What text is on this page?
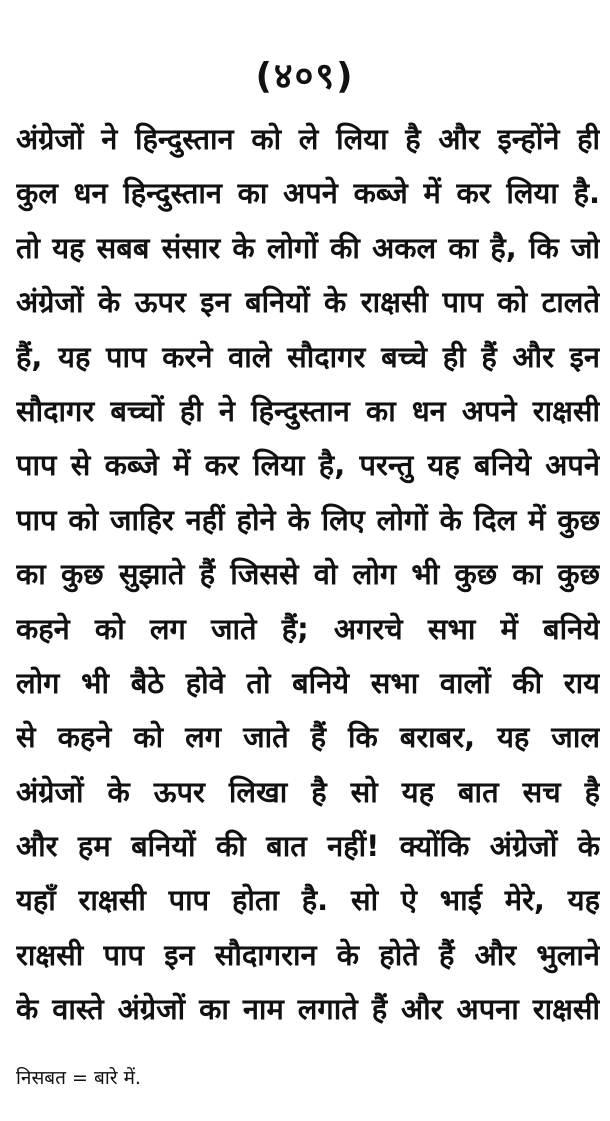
(४०९)
अंग्रेजों ने हिन्दुस्तान को ले लिया है और इन्होंने ही
कुल धन हिन्दुस्तान का अपने कब्जे में कर लिया है.
तो यह सबब संसार के लोगों की अकल का है, कि जो
अंग्रेजों के ऊपर इन बनियों के राक्षसी पाप को टालते
हैं, यह पाप करने वाले सौदागर बच्चे ही हैं और इन
सौदागर बच्चों ही ने हिन्दुस्तान का धन अपने राक्षसी
पाप से कब्जे में कर लिया है, परन्तु यह बनिये अपने
पाप को जाहिर नहीं होने के लिए लोगों के दिल में कुछ
का कुछ सुझाते हैं जिससे वो लोग भी कुछ का कुछ
कहने को लग जाते हैं; अगरचे सभा में बनिये
लोग भी बैठे होवे तो बनिये सभा वालों की राय
से कहने को लग जाते हैं कि बराबर, यह जाल
अंग्रेजों के ऊपर लिखा है सो यह बात सच है
और हम बनियों की बात नहीं! क्योंकि अंग्रेजों के
यहाँ राक्षसी पाप होता है. सो ऐ भाई मेरे, यह
राक्षसी पाप इन सौदागरान के होते हैं और भुलाने
के वास्ते अंग्रेजों का नाम लगाते हैं और अपना राक्षसी
निसबत = बारे में.
